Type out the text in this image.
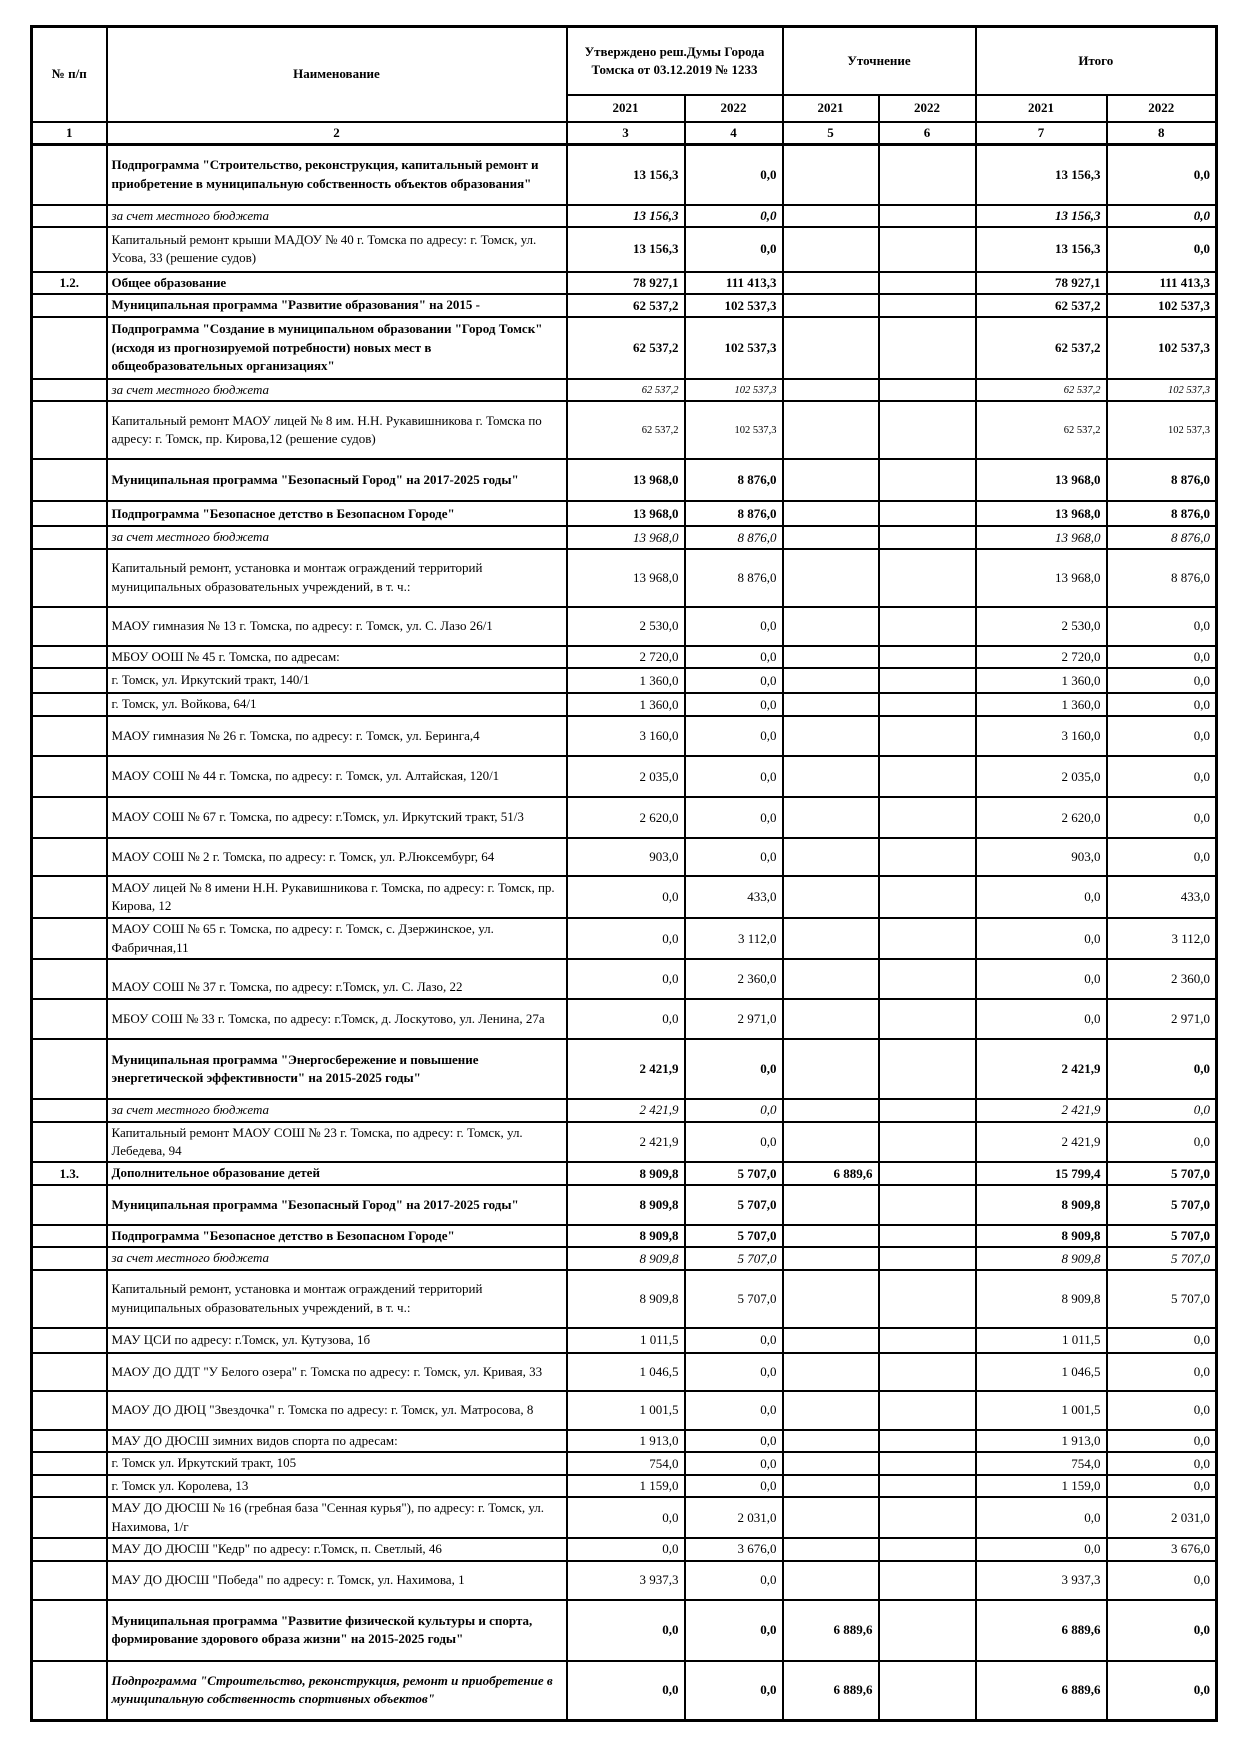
№ п/п	Наименование	Утверждено реш.Думы Города Томска от 03.12.2019 № 1233		Уточнение		Итого	
		2021	2022	2021	2022	2021	2022
1	2	3	4	5	6	7	8
	Подпрограмма "Строительство, реконструкция, капитальный ремонт и приобретение в муниципальную собственность объектов образования"	13 156,3	0,0			13 156,3	0,0
	за счет местного бюджета	13 156,3	0,0			13 156,3	0,0
	Капитальный ремонт крыши МАДОУ № 40 г. Томска по адресу: г. Томск, ул. Усова, 33 (решение судов)	13 156,3	0,0			13 156,3	0,0
1.2.	Общее образование	78 927,1	111 413,3			78 927,1	111 413,3
	Муниципальная программа "Развитие образования" на 2015 -	62 537,2	102 537,3			62 537,2	102 537,3
	Подпрограмма "Создание в муниципальном образовании "Город Томск" (исходя из прогнозируемой потребности) новых мест в общеобразовательных организациях"	62 537,2	102 537,3			62 537,2	102 537,3
	за счет местного бюджета	62 537,2	102 537,3			62 537,2	102 537,3
	Капитальный ремонт МАОУ лицей № 8 им. Н.Н. Рукавишникова г. Томска по адресу: г. Томск, пр. Кирова,12 (решение судов)	62 537,2	102 537,3			62 537,2	102 537,3
	Муниципальная программа "Безопасный Город" на 2017-2025 годы"	13 968,0	8 876,0			13 968,0	8 876,0
	Подпрограмма "Безопасное детство в Безопасном Городе"	13 968,0	8 876,0			13 968,0	8 876,0
	за счет местного бюджета	13 968,0	8 876,0			13 968,0	8 876,0
	Капитальный ремонт, установка и монтаж ограждений территорий муниципальных образовательных учреждений, в т. ч.:	13 968,0	8 876,0			13 968,0	8 876,0
	МАОУ гимназия № 13 г. Томска, по адресу: г. Томск, ул. С. Лазо 26/1	2 530,0	0,0			2 530,0	0,0
	МБОУ ООШ № 45 г. Томска, по адресам:	2 720,0	0,0			2 720,0	0,0
	г. Томск, ул. Иркутский тракт, 140/1	1 360,0	0,0			1 360,0	0,0
	г. Томск, ул. Войкова, 64/1	1 360,0	0,0			1 360,0	0,0
	МАОУ гимназия № 26 г. Томска, по адресу: г. Томск, ул. Беринга,4	3 160,0	0,0			3 160,0	0,0
	МАОУ СОШ № 44 г. Томска, по адресу: г. Томск, ул. Алтайская, 120/1	2 035,0	0,0			2 035,0	0,0
	МАОУ СОШ № 67 г. Томска, по адресу: г.Томск, ул. Иркутский тракт, 51/3	2 620,0	0,0			2 620,0	0,0
	МАОУ СОШ № 2 г. Томска, по адресу: г. Томск, ул. Р.Люксембург, 64	903,0	0,0			903,0	0,0
	МАОУ лицей № 8 имени Н.Н. Рукавишникова г. Томска, по адресу: г. Томск, пр. Кирова, 12	0,0	433,0			0,0	433,0
	МАОУ СОШ № 65 г. Томска, по адресу: г. Томск, с. Дзержинское, ул. Фабричная,11	0,0	3 112,0			0,0	3 112,0
	МАОУ СОШ № 37 г. Томска, по адресу: г.Томск, ул. С. Лазо, 22	0,0	2 360,0			0,0	2 360,0
	МБОУ СОШ № 33 г. Томска, по адресу: г.Томск, д. Лоскутово, ул. Ленина, 27а	0,0	2 971,0			0,0	2 971,0
	Муниципальная программа "Энергосбережение и повышение энергетической эффективности" на 2015-2025 годы"	2 421,9	0,0			2 421,9	0,0
	за счет местного бюджета	2 421,9	0,0			2 421,9	0,0
	Капитальный ремонт МАОУ СОШ № 23 г. Томска, по адресу: г. Томск, ул. Лебедева, 94	2 421,9	0,0			2 421,9	0,0
1.3.	Дополнительное образование детей	8 909,8	5 707,0	6 889,6		15 799,4	5 707,0
	Муниципальная программа "Безопасный Город" на 2017-2025 годы"	8 909,8	5 707,0			8 909,8	5 707,0
	Подпрограмма "Безопасное детство в Безопасном Городе"	8 909,8	5 707,0			8 909,8	5 707,0
	за счет местного бюджета	8 909,8	5 707,0			8 909,8	5 707,0
	Капитальный ремонт, установка и монтаж ограждений территорий муниципальных образовательных учреждений, в т. ч.:	8 909,8	5 707,0			8 909,8	5 707,0
	МАУ ЦСИ по адресу: г.Томск, ул. Кутузова, 1б	1 011,5	0,0			1 011,5	0,0
	МАОУ ДО ДДТ "У Белого озера" г. Томска по адресу: г. Томск, ул. Кривая, 33	1 046,5	0,0			1 046,5	0,0
	МАОУ ДО ДЮЦ "Звездочка" г. Томска по адресу: г. Томск, ул. Матросова, 8	1 001,5	0,0			1 001,5	0,0
	МАУ ДО ДЮСШ зимних видов спорта по адресам:	1 913,0	0,0			1 913,0	0,0
	г. Томск ул. Иркутский тракт, 105	754,0	0,0			754,0	0,0
	г. Томск ул. Королева, 13	1 159,0	0,0			1 159,0	0,0
	МАУ ДО ДЮСШ № 16 (гребная база "Сенная курья"), по адресу: г. Томск, ул. Нахимова, 1/г	0,0	2 031,0			0,0	2 031,0
	МАУ ДО ДЮСШ "Кедр" по адресу: г.Томск, п. Светлый, 46	0,0	3 676,0			0,0	3 676,0
	МАУ ДО ДЮСШ "Победа" по адресу: г. Томск, ул. Нахимова, 1	3 937,3	0,0			3 937,3	0,0
	Муниципальная программа "Развитие физической культуры и спорта, формирование здорового образа жизни" на 2015-2025 годы"	0,0	0,0	6 889,6		6 889,6	0,0
	Подпрограмма "Строительство, реконструкция, ремонт и приобретение в муниципальную собственность спортивных объектов"	0,0	0,0	6 889,6		6 889,6	0,0
